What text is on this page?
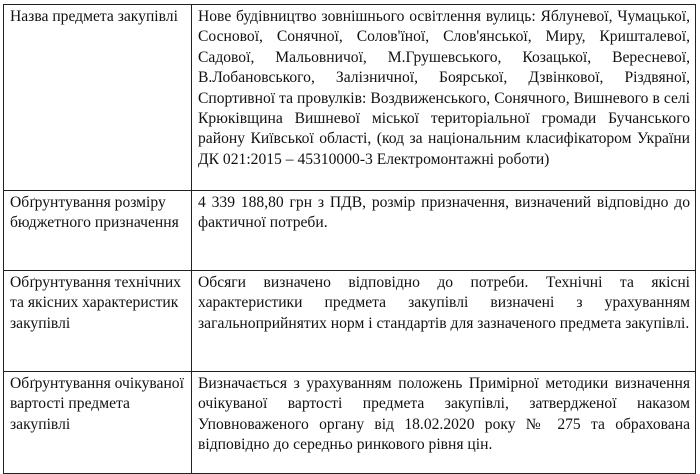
Назва предмета закупівлі	Нове будівництво зовнішнього освітлення вулиць: Яблуневої, Чумацької, Соснової, Сонячної, Солов'їної, Слов'янської, Миру, Кришталевої, Садової, Мальовничої, М.Грушевського, Козацької, Вересневої, В.Лобановського, Залізничної, Боярської, Дзвінкової, Різдвяної, Спортивної та провулків: Воздвиженського, Сонячного, Вишневого в селі Крюківщина Вишневої міської територіальної громади Бучанського району Київської області, (код за національним класифікатором України ДК 021:2015 – 45310000-3 Електромонтажні роботи)
Обґрунтування розміру бюджетного призначення	4 339 188,80 грн з ПДВ, розмір призначення, визначений відповідно до фактичної потреби.
Обґрунтування технічних та якісних характеристик закупівлі	Обсяги визначено відповідно до потреби. Технічні та якісні характеристики предмета закупівлі визначені з урахуванням загальноприйнятих норм і стандартів для зазначеного предмета закупівлі.
Обґрунтування очікуваної вартості предмета закупівлі	Визначається з урахуванням положень Примірної методики визначення очікуваної вартості предмета закупівлі, затвердженої наказом Уповноваженого органу від 18.02.2020 року № 275 та обрахована відповідно до середньо ринкового рівня цін.
